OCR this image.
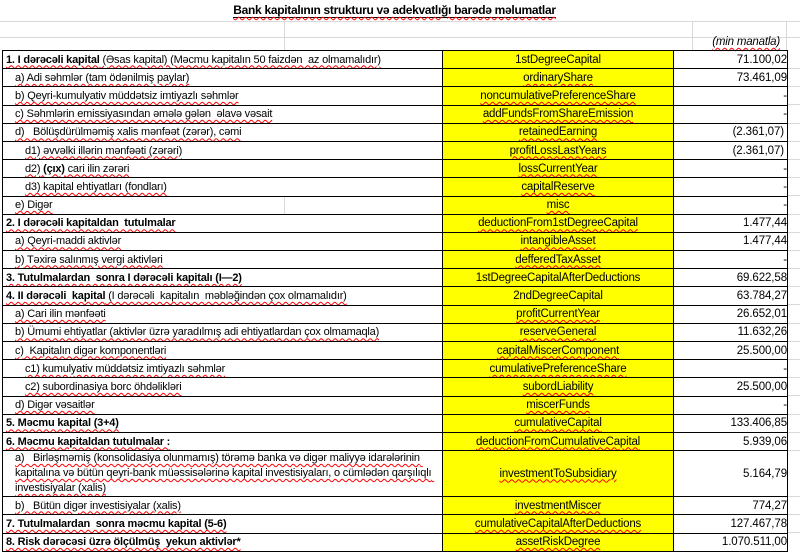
Bank kapitalının strukturu və adekvatlığı barədə məlumatlar
(min manatla)
1. I dərəcəli kapital (Əsas kapital) (Məcmu kapitalın 50 faizdən  az olmamalıdır)	1stDegreeCapital	71.100,02
a) Adi səhmlər (tam ödənilmiş paylar)	ordinaryShare	73.461,09
b) Qeyri-kumulyativ müddətsiz imtiyazlı səhmlər	noncumulativePreferenceShare	-
c) Səhmlərin emissiyasından əmələ gələn  əlavə vəsait	addFundsFromShareEmission	-
d)   Bölüşdürülməmiş xalis mənfəət (zərər), cəmi	retainedEarning	(2.361,07)
d1) əvvəlki illərin mənfəəti (zərəri)	profitLossLastYears	(2.361,07)
d2) (çıx) cari ilin zərəri	lossCurrentYear	-
d3) kapital ehtiyatları (fondları)	capitalReserve	-
e) Digər	misc	-
2. I dərəcəli kapitaldan  tutulmalar	deductionFrom1stDegreeCapital	1.477,44
a) Qeyri-maddi aktivlər	intangibleAsset	1.477,44
b) Təxirə salınmış vergi aktivləri	defferedTaxAsset	-
3. Tutulmalardan  sonra I dərəcəli kapitalı (I—2)	1stDegreeCapitalAfterDeductions	69.622,58
4. II dərəcəli  kapital (I dərəcəli  kapitalın  məbləğindən çox olmamalıdır)	2ndDegreeCapital	63.784,27
a) Cari ilin mənfəəti	profitCurrentYear	26.652,01
b) Ümumi ehtiyatlar (aktivlər üzrə yaradılmış adi ehtiyatlardan çox olmamaqla)	reserveGeneral	11.632,26
c)  Kapitalın digər komponentləri	capitalMiscerComponent	25.500,00
c1) kumulyativ müddətsiz imtiyazlı səhmlər	cumulativePreferenceShare	-
c2) subordinasiya borc öhdəlikləri	subordLiability	25.500,00
d) Digər vəsaitlər	miscerFunds	-
5. Məcmu kapital (3+4)	cumulativeCapital	133.406,85
6. Məcmu kapitaldan tutulmalar :	deductionFromCumulativeCapital	5.939,06
a)   Birləşməmiş (konsolidasiya olunmamış) törəmə banka və digər maliyyə idarələrinin kapitalına və bütün qeyri-bank müəssisələrinə kapital investisiyaları, o cümlədən qarşılıqlı investisiyalar (xalis)	investmentToSubsidiary	5.164,79
b)   Bütün digər investisiyalar (xalis)	investmentMiscer	774,27
7. Tutulmalardan  sonra məcmu kapital (5-6)	cumulativeCapitalAfterDeductions	127.467,78
8. Risk dərəcəsi üzrə ölçülmüş  yekun aktivlər*	assetRiskDegree	1.070.511,00
